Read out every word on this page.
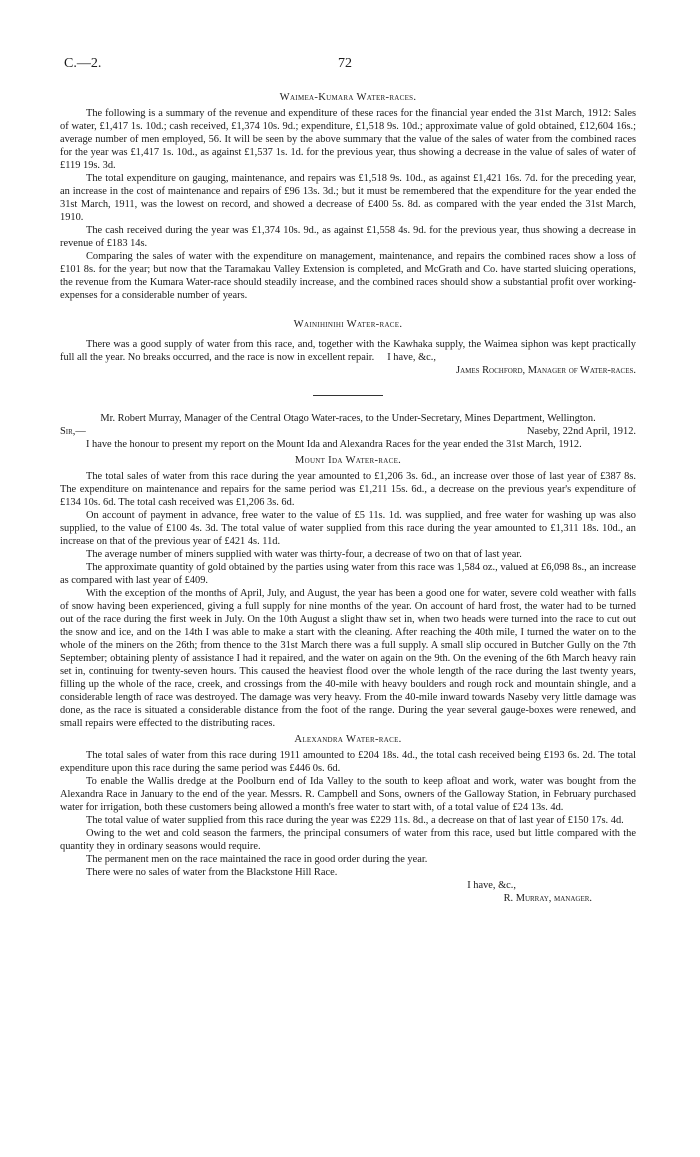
C.—2.	72
Waimea-Kumara Water-races.

The following is a summary of the revenue and expenditure of these races for the financial year ended the 31st March, 1912: Sales of water, £1,417 1s. 10d.; cash received, £1,374 10s. 9d.; expenditure, £1,518 9s. 10d.; approximate value of gold obtained, £12,604 16s.; average number of men employed, 56. It will be seen by the above summary that the value of the sales of water from the combined races for the year was £1,417 1s. 10d., as against £1,537 1s. 1d. for the previous year, thus showing a decrease in the value of sales of water of £119 19s. 3d.

The total expenditure on gauging, maintenance, and repairs was £1,518 9s. 10d., as against £1,421 16s. 7d. for the preceding year, an increase in the cost of maintenance and repairs of £96 13s. 3d.; but it must be remembered that the expenditure for the year ended the 31st March, 1911, was the lowest on record, and showed a decrease of £400 5s. 8d. as compared with the year ended the 31st March, 1910.

The cash received during the year was £1,374 10s. 9d., as against £1,558 4s. 9d. for the previous year, thus showing a decrease in revenue of £183 14s.

Comparing the sales of water with the expenditure on management, maintenance, and repairs the combined races show a loss of £101 8s. for the year; but now that the Taramakau Valley Extension is completed, and McGrath and Co. have started sluicing operations, the revenue from the Kumara Water-race should steadily increase, and the combined races should show a substantial profit over working-expenses for a considerable number of years.

Wainihinihi Water-race.

There was a good supply of water from this race, and, together with the Kawhaka supply, the Waimea siphon was kept practically full all the year. No breaks occurred, and the race is now in excellent repair.	I have, &c.,
James Rochford, Manager of Water-races.

Mr. Robert Murray, Manager of the Central Otago Water-races, to the Under-Secretary, Mines Department, Wellington.

Sir,—	Naseby, 22nd April, 1912.

I have the honour to present my report on the Mount Ida and Alexandra Races for the year ended the 31st March, 1912.

Mount Ida Water-race.

The total sales of water from this race during the year amounted to £1,206 3s. 6d., an increase over those of last year of £387 8s. The expenditure on maintenance and repairs for the same period was £1,211 15s. 6d., a decrease on the previous year's expenditure of £134 10s. 6d. The total cash received was £1,206 3s. 6d.

On account of payment in advance, free water to the value of £5 11s. 1d. was supplied, and free water for washing up was also supplied, to the value of £100 4s. 3d. The total value of water supplied from this race during the year amounted to £1,311 18s. 10d., an increase on that of the previous year of £421 4s. 11d.

The average number of miners supplied with water was thirty-four, a decrease of two on that of last year.

The approximate quantity of gold obtained by the parties using water from this race was 1,584 oz., valued at £6,098 8s., an increase as compared with last year of £409.

With the exception of the months of April, July, and August, the year has been a good one for water, severe cold weather with falls of snow having been experienced, giving a full supply for nine months of the year. On account of hard frost, the water had to be turned out of the race during the first week in July. On the 10th August a slight thaw set in, when two heads were turned into the race to cut out the snow and ice, and on the 14th I was able to make a start with the cleaning. After reaching the 40th mile, I turned the water on to the whole of the miners on the 26th; from thence to the 31st March there was a full supply. A small slip occured in Butcher Gully on the 7th September; obtaining plenty of assistance I had it repaired, and the water on again on the 9th. On the evening of the 6th March heavy rain set in, continuing for twenty-seven hours. This caused the heaviest flood over the whole length of the race during the last twenty years, filling up the whole of the race, creek, and crossings from the 40-mile with heavy boulders and rough rock and mountain shingle, and a considerable length of race was destroyed. The damage was very heavy. From the 40-mile inward towards Naseby very little damage was done, as the race is situated a considerable distance from the foot of the range. During the year several gauge-boxes were renewed, and small repairs were effected to the distributing races.

Alexandra Water-race.

The total sales of water from this race during 1911 amounted to £204 18s. 4d., the total cash received being £193 6s. 2d. The total expenditure upon this race during the same period was £446 0s. 6d.

To enable the Wallis dredge at the Poolburn end of Ida Valley to the south to keep afloat and work, water was bought from the Alexandra Race in January to the end of the year. Messrs. R. Campbell and Sons, owners of the Galloway Station, in February purchased water for irrigation, both these customers being allowed a month's free water to start with, of a total value of £24 13s. 4d.

The total value of water supplied from this race during the year was £229 11s. 8d., a decrease on that of last year of £150 17s. 4d.

Owing to the wet and cold season the farmers, the principal consumers of water from this race, used but little compared with the quantity they in ordinary seasons would require.

The permanent men on the race maintained the race in good order during the year.

There were no sales of water from the Blackstone Hill Race.

I have, &c.,
R. Murray, manager.
